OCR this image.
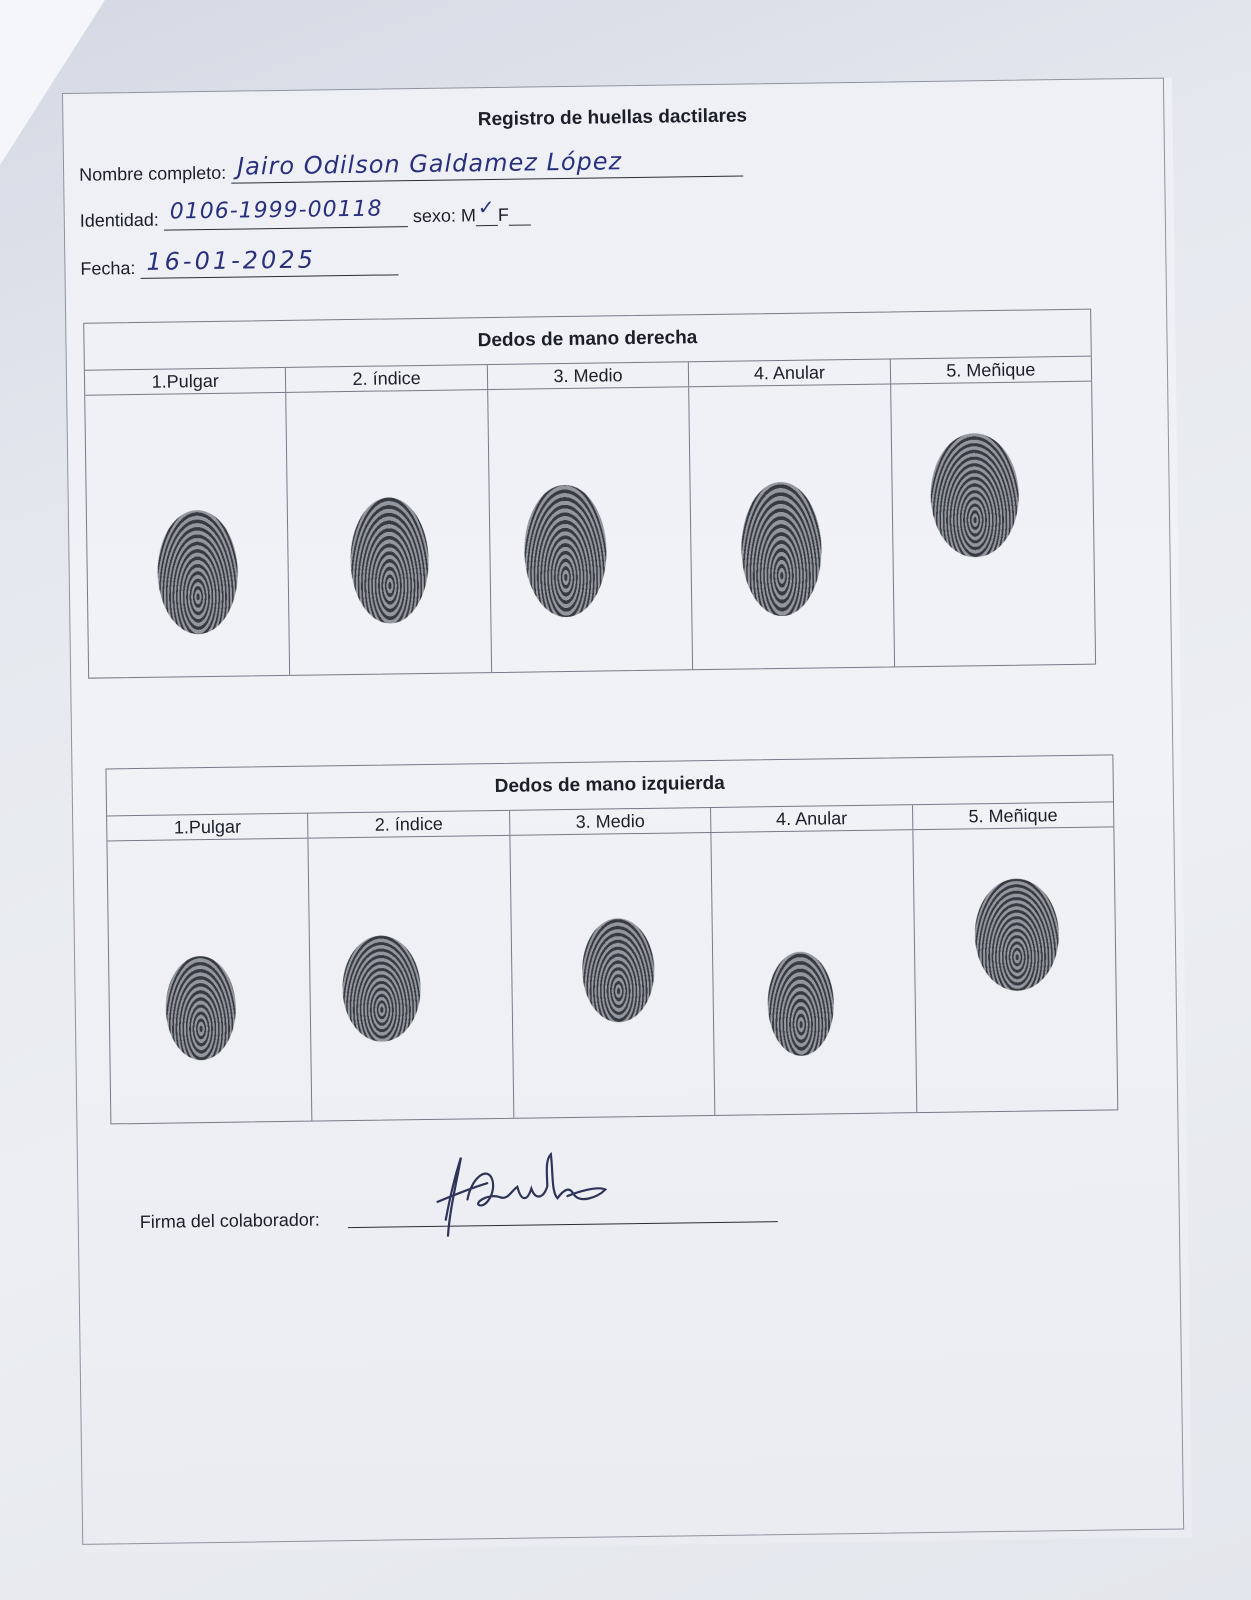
Registro de huellas dactilares
Nombre completo: Jairo Odilson Galdamez López
Identidad: 0106-1999-00118 sexo: M ✓ F
Fecha: 16-01-2025
Dedos de mano derecha
1.Pulgar	2. índice	3. Medio	4. Anular	5. Meñique
Dedos de mano izquierda
1.Pulgar	2. índice	3. Medio	4. Anular	5. Meñique
Firma del colaborador:
